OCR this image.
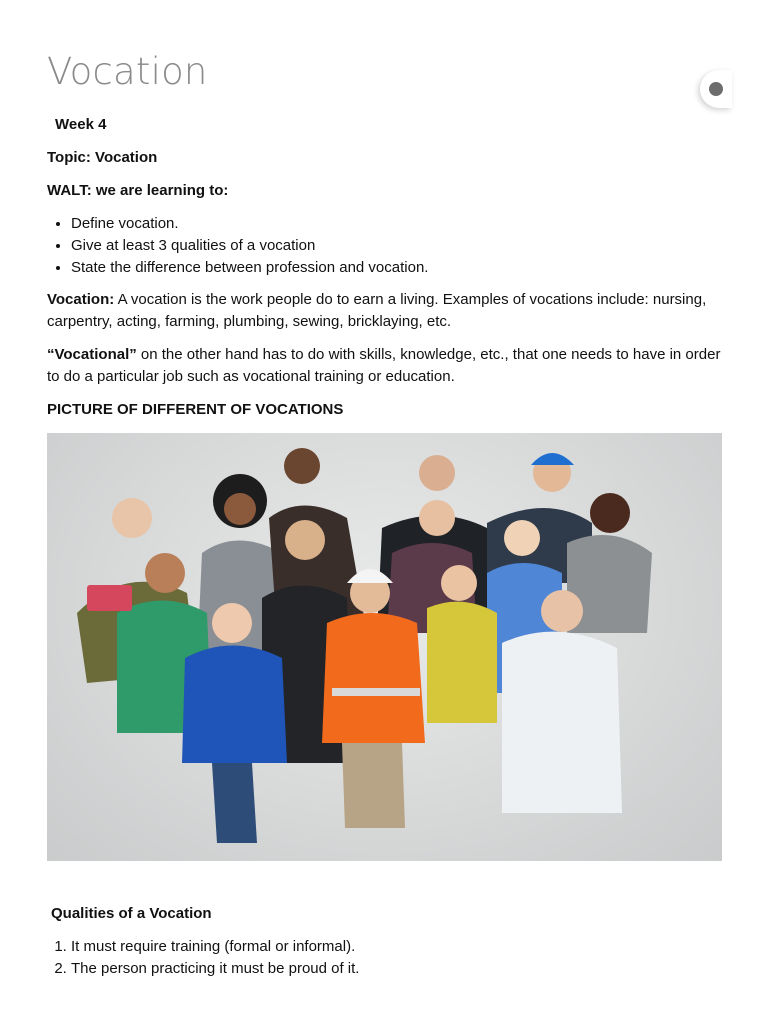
Vocation

Week 4

Topic: Vocation

WALT: we are learning to:

• Define vocation.
• Give at least 3 qualities of a vocation
• State the difference between profession and vocation.

Vocation: A vocation is the work people do to earn a living. Examples of vocations include: nursing, carpentry, acting, farming, plumbing, sewing, bricklaying, etc.

“Vocational” on the other hand has to do with skills, knowledge, etc., that one needs to have in order to do a particular job such as vocational training or education.

PICTURE OF DIFFERENT OF VOCATIONS

Qualities of a Vocation

1. It must require training (formal or informal).
2. The person practicing it must be proud of it.
